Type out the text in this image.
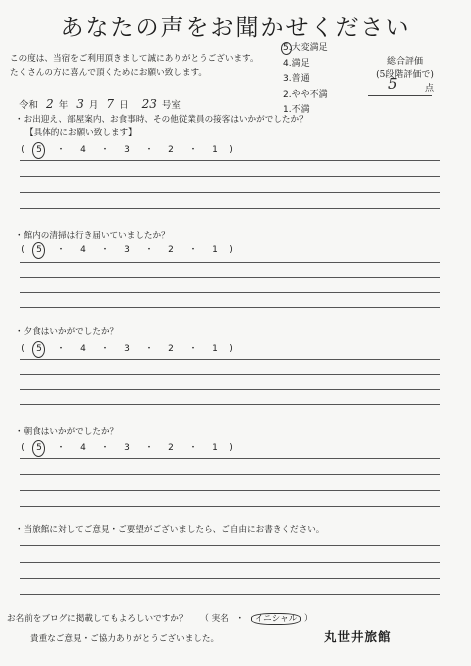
あなたの声をお聞かせください
この度は、当宿をご利用頂きまして誠にありがとうございます。
たくさんの方に喜んで頂くためにお願い致します。
5.大変満足
4.満足
3.普通
2.やや不満
1.不満
総合評価
(5段階評価で)
5	点
令和 2 年 3 月 7 日 23 号室
・お出迎え、部屋案内、お食事時、その他従業員の接客はいかがでしたか？
【具体的にお願い致します】
( 5 ・ 4 ・ 3 ・ 2 ・ 1 )
・館内の清掃は行き届いていましたか？
( 5 ・ 4 ・ 3 ・ 2 ・ 1 )
・夕食はいかがでしたか？
( 5 ・ 4 ・ 3 ・ 2 ・ 1 )
・朝食はいかがでしたか？
( 5 ・ 4 ・ 3 ・ 2 ・ 1 )
・当旅館に対してご意見・ご要望がございましたら、ご自由にお書きください。
お名前をブログに掲載してもよろしいですか？ （ 実名 ・ イニシャル ）
貴重なご意見・ご協力ありがとうございました。	丸世井旅館
